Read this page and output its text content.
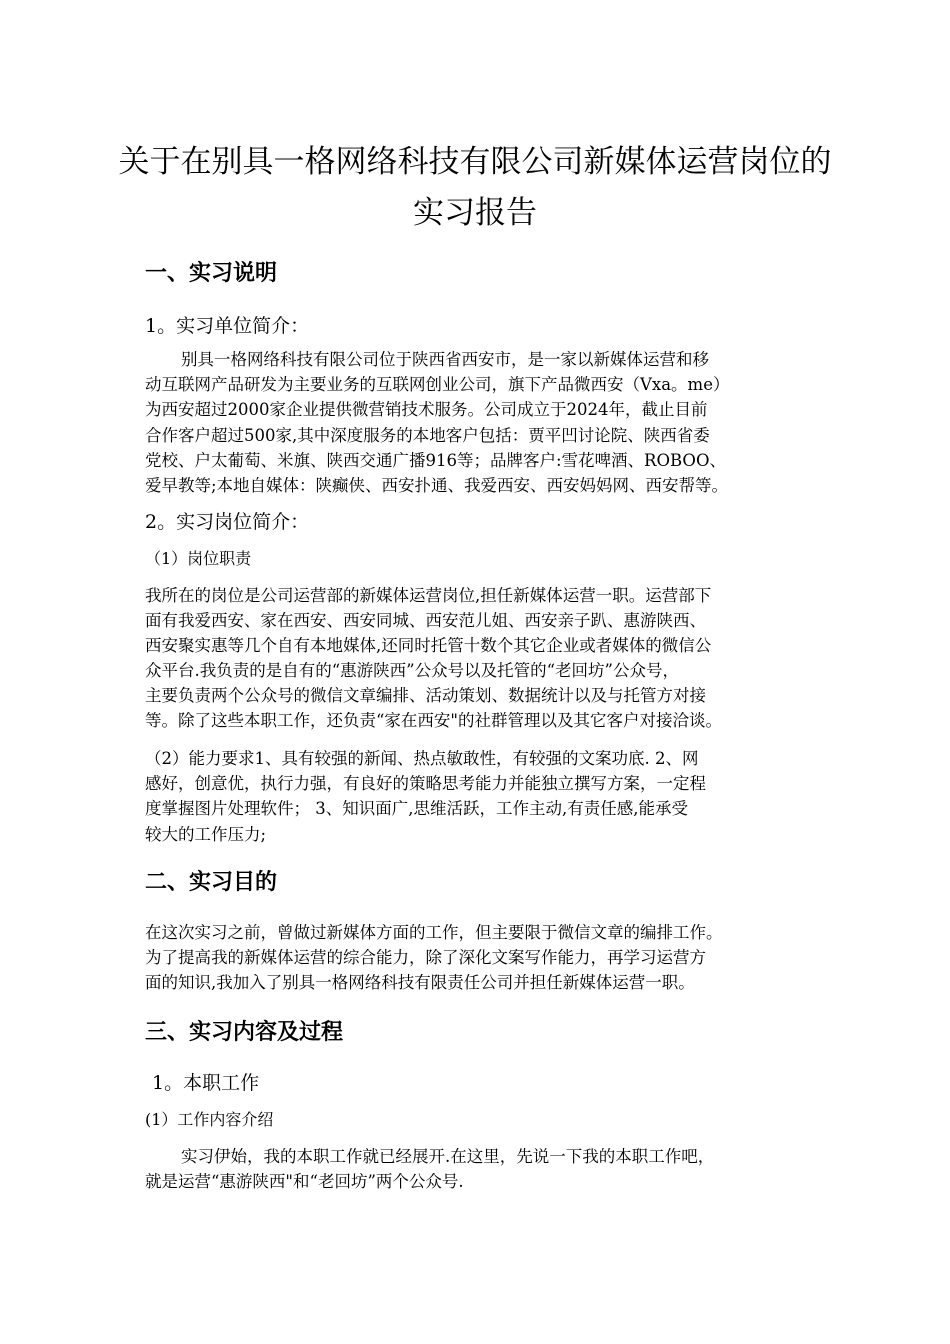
关于在别具一格网络科技有限公司新媒体运营岗位的
实习报告
一、实习说明
1。实习单位简介：
别具一格网络科技有限公司位于陕西省西安市，是一家以新媒体运营和移
动互联网产品研发为主要业务的互联网创业公司，旗下产品微西安（Vxa。me）
为西安超过2000家企业提供微营销技术服务。公司成立于2024年，截止目前
合作客户超过500家,其中深度服务的本地客户包括：贾平凹讨论院、陕西省委
党校、户太葡萄、米旗、陕西交通广播916等；品牌客户:雪花啤酒、ROBOO、
爱早教等;本地自媒体：陕癫侠、西安扑通、我爱西安、西安妈妈网、西安帮等。
2。实习岗位简介：
（1）岗位职责
我所在的岗位是公司运营部的新媒体运营岗位,担任新媒体运营一职。运营部下
面有我爱西安、家在西安、西安同城、西安范儿姐、西安亲子趴、惠游陕西、
西安聚实惠等几个自有本地媒体,还同时托管十数个其它企业或者媒体的微信公
众平台.我负责的是自有的“惠游陕西”公众号以及托管的“老回坊”公众号，
主要负责两个公众号的微信文章编排、活动策划、数据统计以及与托管方对接
等。除了这些本职工作，还负责“家在西安"的社群管理以及其它客户对接洽谈。
（2）能力要求1、具有较强的新闻、热点敏敢性，有较强的文案功底. 2、网
感好，创意优，执行力强，有良好的策略思考能力并能独立撰写方案，一定程
度掌握图片处理软件； 3、知识面广,思维活跃，工作主动,有责任感,能承受
较大的工作压力;
二、实习目的
在这次实习之前，曾做过新媒体方面的工作，但主要限于微信文章的编排工作。
为了提高我的新媒体运营的综合能力，除了深化文案写作能力，再学习运营方
面的知识,我加入了别具一格网络科技有限责任公司并担任新媒体运营一职。
三、实习内容及过程
1。本职工作
(1）工作内容介绍
实习伊始，我的本职工作就已经展开.在这里，先说一下我的本职工作吧，
就是运营“惠游陕西"和“老回坊”两个公众号.
